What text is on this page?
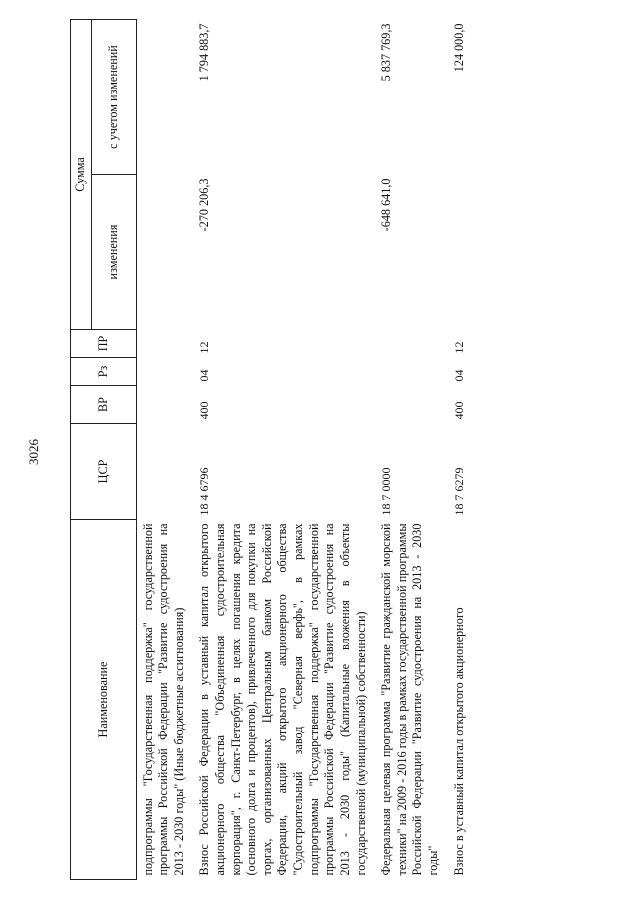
3026
Наименование	ЦСР	ВР	Рз	ПР	Сумма	
					изменения	с учетом изменений
подпрограммы "Государственная поддержка" государственной программы Российской Федерации "Развитие судостроения на 2013 - 2030 годы" (Иные бюджетные ассигнования)						
Взнос Российской Федерации в уставный капитал открытого акционерного общества "Объединенная судостроительная корпорация", г. Санкт-Петербург, в целях погашения кредита (основного долга и процентов), привлеченного для покупки на торгах, организованных Центральным банком Российской Федерации, акций открытого акционерного общества "Судостроительный завод "Северная верфь", в рамках подпрограммы "Государственная поддержка" государственной программы Российской Федерации "Развитие судостроения на 2013 - 2030 годы" (Капитальные вложения в объекты государственной (муниципальной) собственности)	18 4 6796	400	04	12	-270 206,3	1 794 883,7
Федеральная целевая программа "Развитие гражданской морской техники" на 2009 - 2016 годы в рамках государственной программы Российской Федерации "Развитие судостроения на 2013 - 2030 годы"	18 7 0000				-648 641,0	5 837 769,3
Взнос в уставный капитал открытого акционерного	18 7 6279	400	04	12		124 000,0
